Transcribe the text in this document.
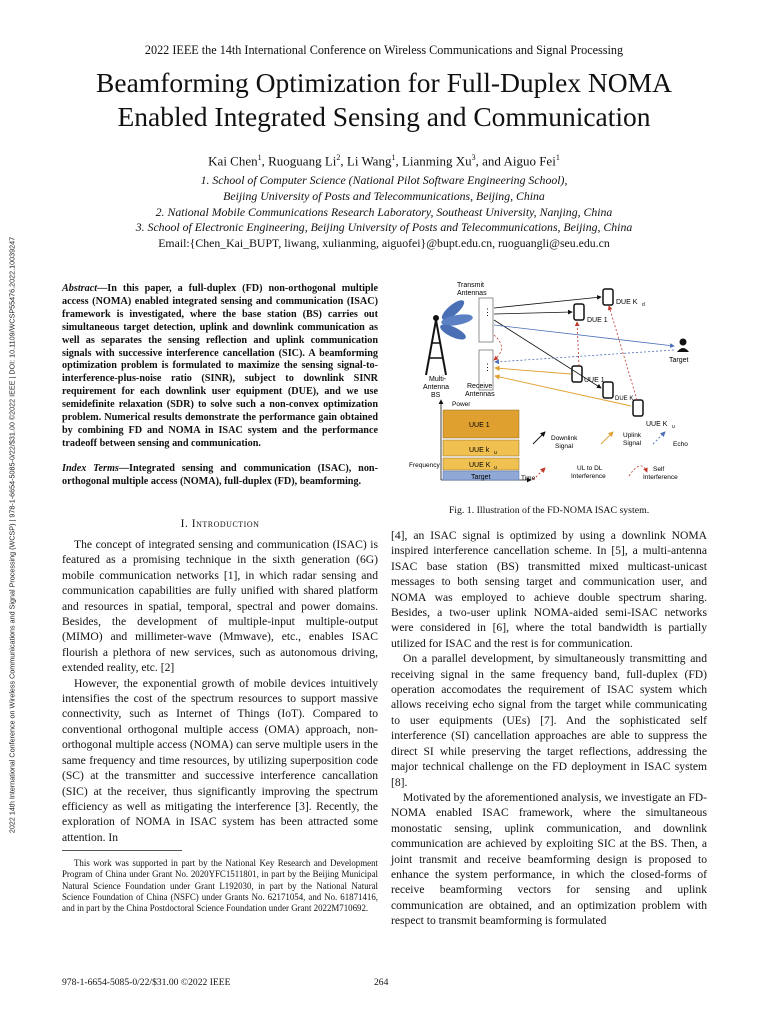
2022 IEEE the 14th International Conference on Wireless Communications and Signal Processing
Beamforming Optimization for Full-Duplex NOMA
Enabled Integrated Sensing and Communication
Kai Chen$^1$, Ruoguang Li$^2$, Li Wang$^1$, Lianming Xu$^3$, and Aiguo Fei$^1$
1. School of Computer Science (National Pilot Software Engineering School),
Beijing University of Posts and Telecommunications, Beijing, China
2. National Mobile Communications Research Laboratory, Southeast University, Nanjing, China
3. School of Electronic Engineering, Beijing University of Posts and Telecommunications, Beijing, China
Email:{Chen_Kai_BUPT, liwang, xulianming, aiguofei}@bupt.edu.cn, ruoguangli@seu.edu.cn
2022 14th International Conference on Wireless Communications and Signal Processing (WCSP) | 978-1-6654-5085-0/22/$31.00 ©2022 IEEE | DOI: 10.1109/WCSP55476.2022.10039247	Abstract—In this paper, a full-duplex (FD) non-orthogonal multiple access (NOMA) enabled integrated sensing and communication (ISAC) framework is investigated, where the base station (BS) carries out simultaneous target detection, uplink and downlink communication as well as separates the sensing reflection and uplink communication signals with successive interference cancellation (SIC). A beamforming optimization problem is formulated to maximize the sensing signal-to-interference-plus-noise ratio (SINR), subject to downlink SINR requirement for each downlink user equipment (DUE), and we use semidefinite relaxation (SDR) to solve such a non-convex optimization problem. Numerical results demonstrate the performance gain obtained by combining FD and NOMA in ISAC system and the performance tradeoff between sensing and communication.
Index Terms—Integrated sensing and communication (ISAC), non-orthogonal multiple access (NOMA), full-duplex (FD), beamforming.
I. Introduction

The concept of integrated sensing and communication (ISAC) is featured as a promising technique in the sixth generation (6G) mobile communication networks [1], in which radar sensing and communication capabilities are fully unified with shared platform and resources in spatial, temporal, spectral and power domains. Besides, the development of multiple-input multiple-output (MIMO) and millimeter-wave (Mmwave), etc., enables ISAC flourish a plethora of new services, such as autonomous driving, extended reality, etc. [2]

However, the exponential growth of mobile devices intuitively intensifies the cost of the spectrum resources to support massive connectivity, such as Internet of Things (IoT). Compared to conventional orthogonal multiple access (OMA) approach, non-orthogonal multiple access (NOMA) can serve multiple users in the same frequency and time resources, by utilizing superposition code (SC) at the transmitter and successive interference cancallation (SIC) at the receiver, thus significantly improving the spectrum efficiency as well as mitigating the interference [3]. Recently, the exploration of NOMA in ISAC system has been attracted some attention. In

This work was supported in part by the National Key Research and Development Program of China under Grant No. 2020YFC1511801, in part by the Beijing Municipal Natural Science Foundation under Grant L192030, in part by the National Natural Science Foundation of China (NSFC) under Grants No. 62171054, and No. 61871416, and in part by the China Postdoctoral Science Foundation under Grant 2022M710692.

Multi-
Antenna
BS
Transmit
Antennas
⋮
⋮
Receive
Antennas
DUE K d
DUE 1
Target
UUE 1
DUE K
UUE K u
Power
Time
Frequency
UUE 1
UUE k u
UUE K u
Target
Downlink
Signal
Uplink
Signal	Echo
UL to DL
Interference
Self
Interference
Fig. 1. Illustration of the FD-NOMA ISAC system.

[4], an ISAC signal is optimized by using a downlink NOMA inspired interference cancellation scheme. In [5], a multi-antenna ISAC base station (BS) transmitted mixed multicast-unicast messages to both sensing target and communication user, and NOMA was employed to achieve double spectrum sharing. Besides, a two-user uplink NOMA-aided semi-ISAC networks were considered in [6], where the total bandwidth is partially utilized for ISAC and the rest is for communication.

On a parallel development, by simultaneously transmitting and receiving signal in the same frequency band, full-duplex (FD) operation accomodates the requirement of ISAC system which allows receiving echo signal from the target while communicating to user equipments (UEs) [7]. And the sophisticated self interference (SI) cancellation approaches are able to suppress the direct SI while preserving the target reflections, addressing the major technical challenge on the FD deployment in ISAC system [8].

Motivated by the aforementioned analysis, we investigate an FD-NOMA enabled ISAC framework, where the simultaneous monostatic sensing, uplink communication, and downlink communication are achieved by exploiting SIC at the BS. Then, a joint transmit and receive beamforming design is proposed to enhance the system performance, in which the closed-forms of receive beamforming vectors for sensing and uplink communication are obtained, and an optimization problem with respect to transmit beamforming is formulated

978-1-6654-5085-0/22/$31.00 ©2022 IEEE	264
